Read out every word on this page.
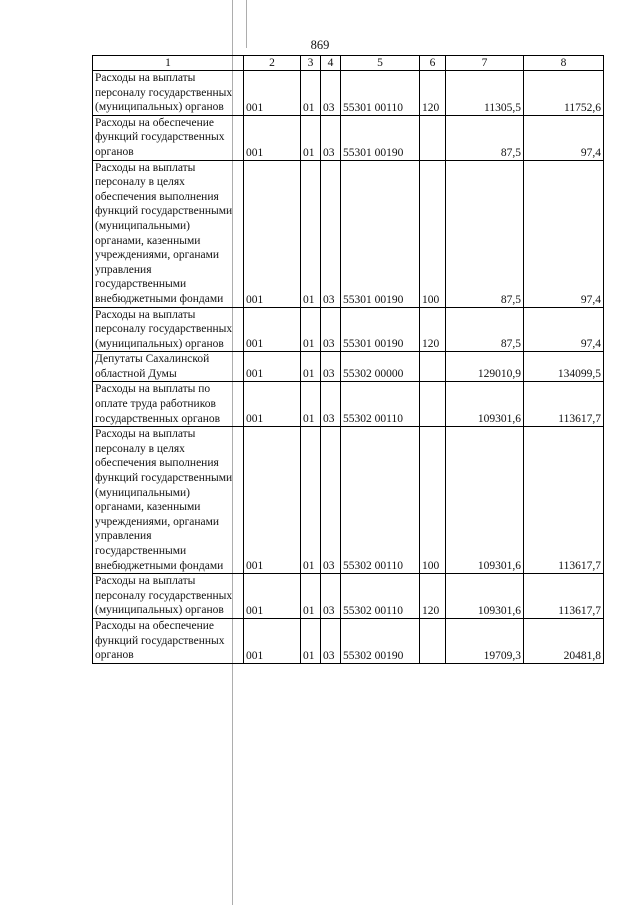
869
1	2	3	4	5	6	7	8
Расходы на выплаты персоналу государственных (муниципальных) органов	001	01	03	55301 00110	120	11305,5	11752,6
Расходы на обеспечение функций государственных органов	001	01	03	55301 00190		87,5	97,4
Расходы на выплаты персоналу в целях обеспечения выполнения функций государственными (муниципальными) органами, казенными учреждениями, органами управления государственными внебюджетными фондами	001	01	03	55301 00190	100	87,5	97,4
Расходы на выплаты персоналу государственных (муниципальных) органов	001	01	03	55301 00190	120	87,5	97,4
Депутаты Сахалинской областной Думы	001	01	03	55302 00000		129010,9	134099,5
Расходы на выплаты по оплате труда работников государственных органов	001	01	03	55302 00110		109301,6	113617,7
Расходы на выплаты персоналу в целях обеспечения выполнения функций государственными (муниципальными) органами, казенными учреждениями, органами управления государственными внебюджетными фондами	001	01	03	55302 00110	100	109301,6	113617,7
Расходы на выплаты персоналу государственных (муниципальных) органов	001	01	03	55302 00110	120	109301,6	113617,7
Расходы на обеспечение функций государственных органов	001	01	03	55302 00190		19709,3	20481,8
